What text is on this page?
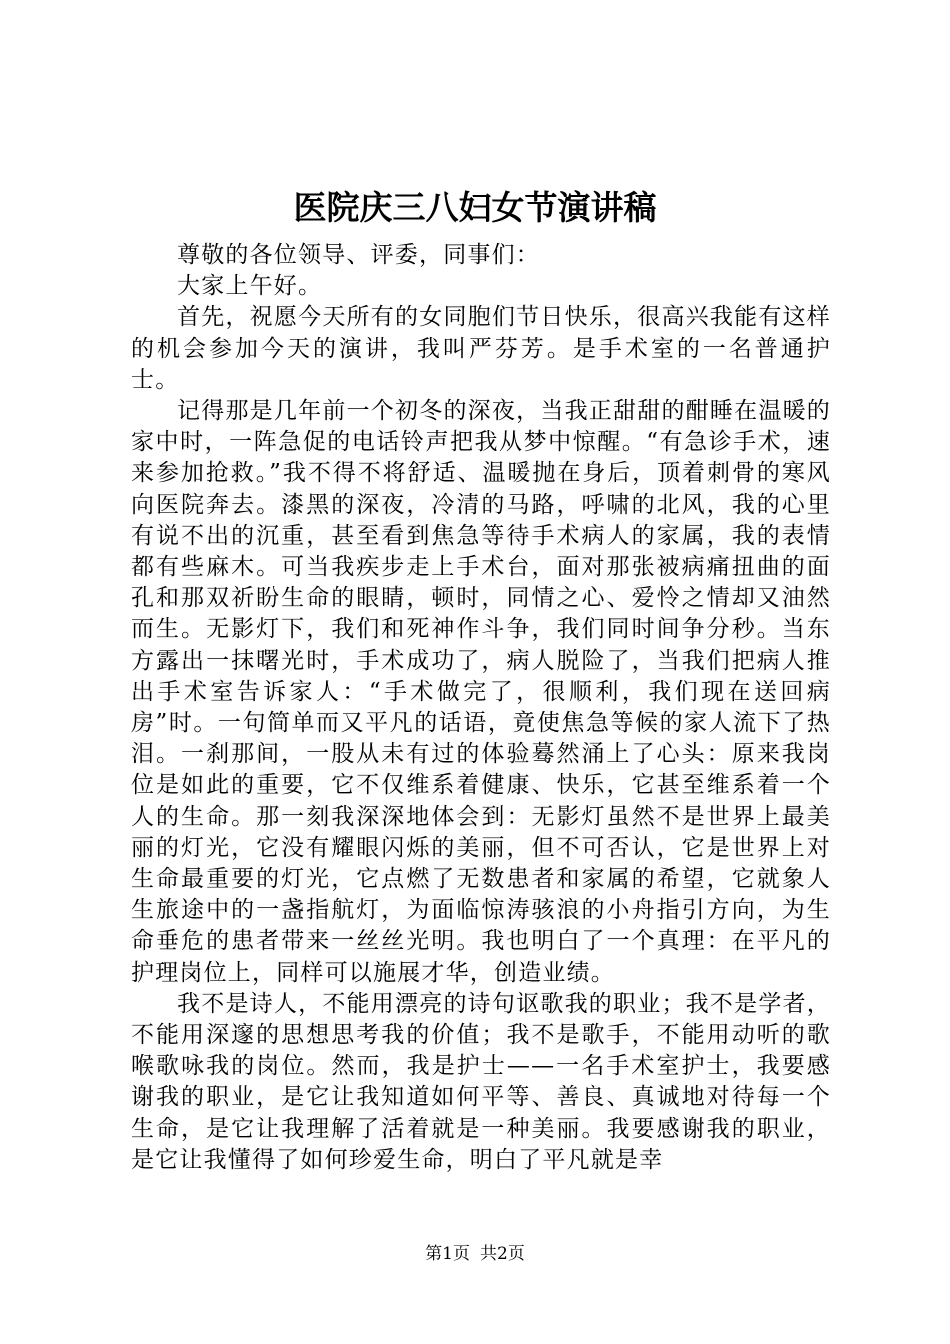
医院庆三八妇女节演讲稿

尊敬的各位领导、评委，同事们：

大家上午好。

首先，祝愿今天所有的女同胞们节日快乐，很高兴我能有这样的机会参加今天的演讲，我叫严芬芳。是手术室的一名普通护士。

记得那是几年前一个初冬的深夜，当我正甜甜的酣睡在温暖的家中时，一阵急促的电话铃声把我从梦中惊醒。“有急诊手术，速来参加抢救。”我不得不将舒适、温暖抛在身后，顶着刺骨的寒风向医院奔去。漆黑的深夜，冷清的马路，呼啸的北风，我的心里有说不出的沉重，甚至看到焦急等待手术病人的家属，我的表情都有些麻木。可当我疾步走上手术台，面对那张被病痛扭曲的面孔和那双祈盼生命的眼睛，顿时，同情之心、爱怜之情却又油然而生。无影灯下，我们和死神作斗争，我们同时间争分秒。当东方露出一抹曙光时，手术成功了，病人脱险了，当我们把病人推出手术室告诉家人：“手术做完了，很顺利，我们现在送回病房”时。一句简单而又平凡的话语，竟使焦急等候的家人流下了热泪。一刹那间，一股从未有过的体验蓦然涌上了心头：原来我岗位是如此的重要，它不仅维系着健康、快乐，它甚至维系着一个人的生命。那一刻我深深地体会到：无影灯虽然不是世界上最美丽的灯光，它没有耀眼闪烁的美丽，但不可否认，它是世界上对生命最重要的灯光，它点燃了无数患者和家属的希望，它就象人生旅途中的一盏指航灯，为面临惊涛骇浪的小舟指引方向，为生命垂危的患者带来一丝丝光明。我也明白了一个真理：在平凡的护理岗位上，同样可以施展才华，创造业绩。

我不是诗人，不能用漂亮的诗句讴歌我的职业；我不是学者，不能用深邃的思想思考我的价值；我不是歌手，不能用动听的歌喉歌咏我的岗位。然而，我是护士——一名手术室护士，我要感谢我的职业，是它让我知道如何平等、善良、真诚地对待每一个生命，是它让我理解了活着就是一种美丽。我要感谢我的职业，是它让我懂得了如何珍爱生命，明白了平凡就是幸

第1页 共2页
